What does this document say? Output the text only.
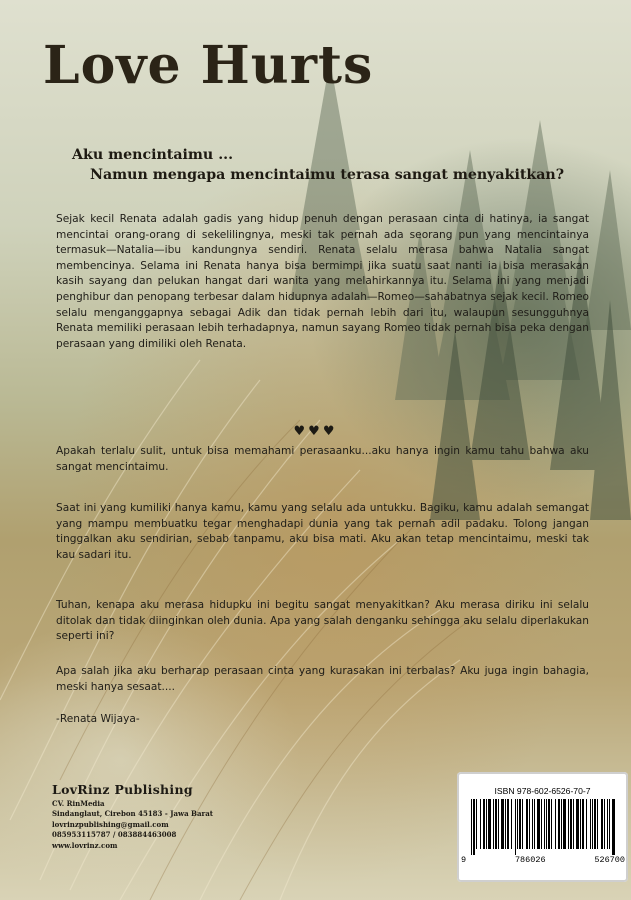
Love Hurts
Aku mencintaimu ...
Namun mengapa mencintaimu terasa sangat menyakitkan?
Sejak kecil Renata adalah gadis yang hidup penuh dengan perasaan cinta di hatinya, ia sangat mencintai orang-orang di sekelilingnya, meski tak pernah ada seorang pun yang mencintainya termasuk—Natalia—ibu kandungnya sendiri. Renata selalu merasa bahwa Natalia sangat membencinya. Selama ini Renata hanya bisa bermimpi jika suatu saat nanti ia bisa merasakan kasih sayang dan pelukan hangat dari wanita yang melahirkannya itu. Selama ini yang menjadi penghibur dan penopang terbesar dalam hidupnya adalah—Romeo—sahabatnya sejak kecil. Romeo selalu menganggapnya sebagai Adik dan tidak pernah lebih dari itu, walaupun sesungguhnya Renata memiliki perasaan lebih terhadapnya, namun sayang Romeo tidak pernah bisa peka dengan perasaan yang dimiliki oleh Renata.
♥♥♥
Apakah terlalu sulit, untuk bisa memahami perasaanku...aku hanya ingin kamu tahu bahwa aku sangat mencintaimu.
Saat ini yang kumiliki hanya kamu, kamu yang selalu ada untukku. Bagiku, kamu adalah semangat yang mampu membuatku tegar menghadapi dunia yang tak pernah adil padaku. Tolong jangan tinggalkan aku sendirian, sebab tanpamu, aku bisa mati. Aku akan tetap mencintaimu, meski tak kau sadari itu.
Tuhan, kenapa aku merasa hidupku ini begitu sangat menyakitkan? Aku merasa diriku ini selalu ditolak dan tidak diinginkan oleh dunia. Apa yang salah denganku sehingga aku selalu diperlakukan seperti ini?
Apa salah jika aku berharap perasaan cinta yang kurasakan ini terbalas? Aku juga ingin bahagia, meski hanya sesaat....
-Renata Wijaya-
LovRinz Publishing
CV. RinMedia
Sindanglaut, Cirebon 45183 - Jawa Barat
lovrinzpublishing@gmail.com
085953115787 / 083884463008
www.lovrinz.com
ISBN 978-602-6526-70-7
9	786026	526700
